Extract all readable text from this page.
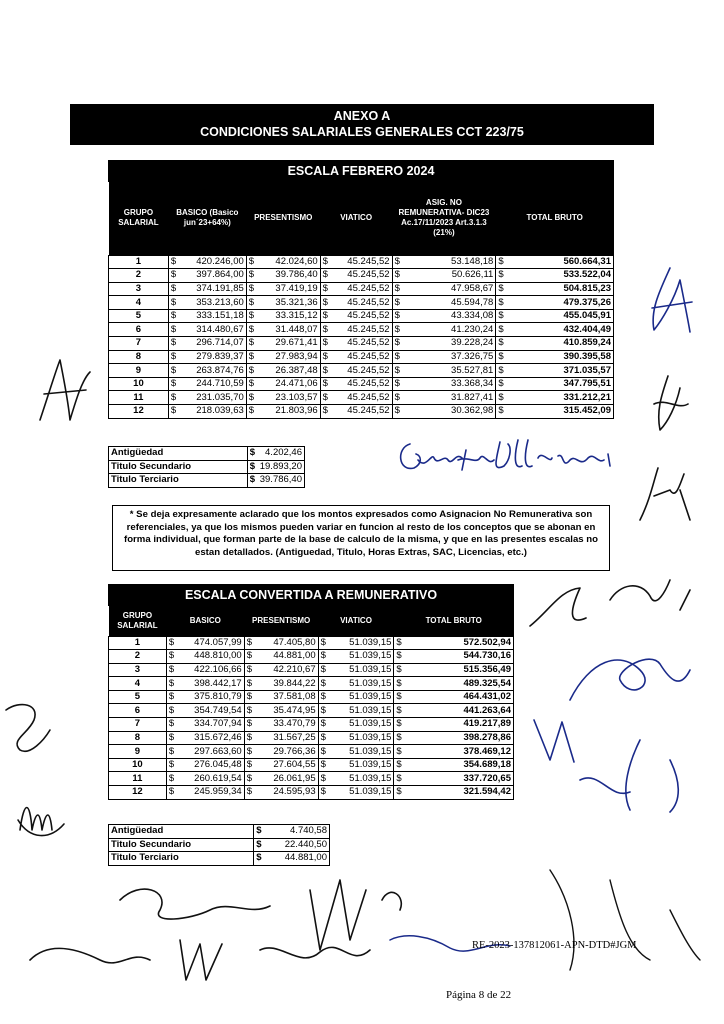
ANEXO A
CONDICIONES SALARIALES GENERALES CCT 223/75
ESCALA FEBRERO 2024
GRUPO SALARIAL	BASICO (Basico jun´23+64%)		PRESENTISMO		VIATICO		ASIG. NO REMUNERATIVA- DIC23 Ac.17/11/2023 Art.3.1.3 (21%)		TOTAL BRUTO	
1	$	420.246,00	$	42.024,60	$	45.245,52	$	53.148,18	$	560.664,31
2	$	397.864,00	$	39.786,40	$	45.245,52	$	50.626,11	$	533.522,04
3	$	374.191,85	$	37.419,19	$	45.245,52	$	47.958,67	$	504.815,23
4	$	353.213,60	$	35.321,36	$	45.245,52	$	45.594,78	$	479.375,26
5	$	333.151,18	$	33.315,12	$	45.245,52	$	43.334,08	$	455.045,91
6	$	314.480,67	$	31.448,07	$	45.245,52	$	41.230,24	$	432.404,49
7	$	296.714,07	$	29.671,41	$	45.245,52	$	39.228,24	$	410.859,24
8	$	279.839,37	$	27.983,94	$	45.245,52	$	37.326,75	$	390.395,58
9	$	263.874,76	$	26.387,48	$	45.245,52	$	35.527,81	$	371.035,57
10	$	244.710,59	$	24.471,06	$	45.245,52	$	33.368,34	$	347.795,51
11	$	231.035,70	$	23.103,57	$	45.245,52	$	31.827,41	$	331.212,21
12	$	218.039,63	$	21.803,96	$	45.245,52	$	30.362,98	$	315.452,09
Antigüedad	$	4.202,46
Titulo Secundario	$	19.893,20
Titulo Terciario	$	39.786,40
* Se deja expresamente aclarado que los montos expresados como Asignacion No Remunerativa son referenciales, ya que los mismos pueden variar en funcion al resto de los conceptos que se abonan en forma individual, que forman parte de la base de calculo de la misma, y que en las presentes escalas no estan detallados. (Antiguedad, Titulo, Horas Extras, SAC, Licencias, etc.)
ESCALA CONVERTIDA A REMUNERATIVO
GRUPO SALARIAL	BASICO		PRESENTISMO		VIATICO		TOTAL BRUTO	
1	$	474.057,99	$	47.405,80	$	51.039,15	$	572.502,94
2	$	448.810,00	$	44.881,00	$	51.039,15	$	544.730,16
3	$	422.106,66	$	42.210,67	$	51.039,15	$	515.356,49
4	$	398.442,17	$	39.844,22	$	51.039,15	$	489.325,54
5	$	375.810,79	$	37.581,08	$	51.039,15	$	464.431,02
6	$	354.749,54	$	35.474,95	$	51.039,15	$	441.263,64
7	$	334.707,94	$	33.470,79	$	51.039,15	$	419.217,89
8	$	315.672,46	$	31.567,25	$	51.039,15	$	398.278,86
9	$	297.663,60	$	29.766,36	$	51.039,15	$	378.469,12
10	$	276.045,48	$	27.604,55	$	51.039,15	$	354.689,18
11	$	260.619,54	$	26.061,95	$	51.039,15	$	337.720,65
12	$	245.959,34	$	24.595,93	$	51.039,15	$	321.594,42
Antigüedad	$	4.740,58
Titulo Secundario	$	22.440,50
Titulo Terciario	$	44.881,00
RE-2023-137812061-APN-DTD#JGM
Página 8 de 22
